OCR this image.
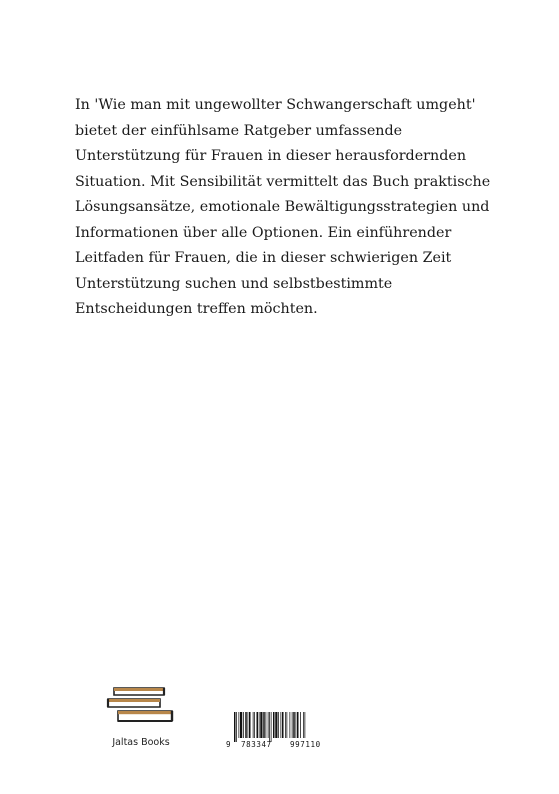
In 'Wie man mit ungewollter Schwangerschaft umgeht' bietet der einfühlsame Ratgeber umfassende Unterstützung für Frauen in dieser herausfordernden Situation. Mit Sensibilität vermittelt das Buch praktische Lösungsansätze, emotionale Bewältigungsstrategien und Informationen über alle Optionen. Ein einführender Leitfaden für Frauen, die in dieser schwierigen Zeit Unterstützung suchen und selbstbestimmte Entscheidungen treffen möchten.

Jaltas Books	9 783347 997110
